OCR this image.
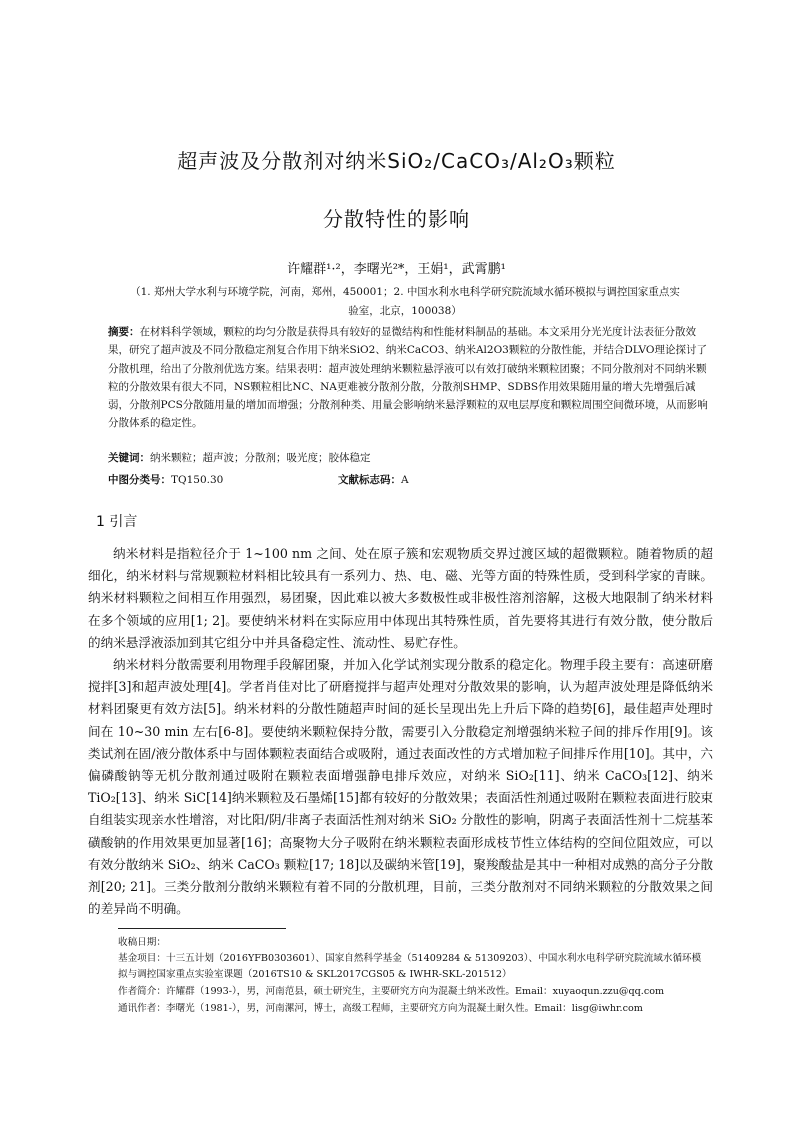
超声波及分散剂对纳米SiO₂/CaCO₃/Al₂O₃颗粒
分散特性的影响
许耀群¹·²，李曙光²*，王娟¹，武霄鹏¹
（1. 郑州大学水利与环境学院，河南，郑州，450001；2. 中国水利水电科学研究院流域水循环模拟与调控国家重点实
验室，北京，100038）
摘要：在材料科学领域，颗粒的均匀分散是获得具有较好的显微结构和性能材料制品的基础。本文采用分光光度计法表征分散效果，研究了超声波及不同分散稳定剂复合作用下纳米SiO2、纳米CaCO3、纳米Al2O3颗粒的分散性能，并结合DLVO理论探讨了分散机理，给出了分散剂优选方案。结果表明：超声波处理纳米颗粒悬浮液可以有效打破纳米颗粒团聚；不同分散剂对不同纳米颗粒的分散效果有很大不同，NS颗粒相比NC、NA更难被分散剂分散，分散剂SHMP、SDBS作用效果随用量的增大先增强后减弱，分散剂PCS分散随用量的增加而增强；分散剂种类、用量会影响纳米悬浮颗粒的双电层厚度和颗粒周围空间微环境，从而影响分散体系的稳定性。
关键词：纳米颗粒；超声波；分散剂；吸光度；胶体稳定
中图分类号：TQ150.30	文献标志码：A
1 引言

纳米材料是指粒径介于 1~100 nm 之间、处在原子簇和宏观物质交界过渡区域的超微颗粒。随着物质的超细化，纳米材料与常规颗粒材料相比较具有一系列力、热、电、磁、光等方面的特殊性质，受到科学家的青睐。纳米材料颗粒之间相互作用强烈，易团聚，因此难以被大多数极性或非极性溶剂溶解，这极大地限制了纳米材料在多个领域的应用[1; 2]。要使纳米材料在实际应用中体现出其特殊性质，首先要将其进行有效分散，使分散后的纳米悬浮液添加到其它组分中并具备稳定性、流动性、易贮存性。

纳米材料分散需要利用物理手段解团聚，并加入化学试剂实现分散系的稳定化。物理手段主要有：高速研磨搅拌[3]和超声波处理[4]。学者肖佳对比了研磨搅拌与超声处理对分散效果的影响，认为超声波处理是降低纳米材料团聚更有效方法[5]。纳米材料的分散性随超声时间的延长呈现出先上升后下降的趋势[6]，最佳超声处理时间在 10~30 min 左右[6-8]。要使纳米颗粒保持分散，需要引入分散稳定剂增强纳米粒子间的排斥作用[9]。该类试剂在固/液分散体系中与固体颗粒表面结合或吸附，通过表面改性的方式增加粒子间排斥作用[10]。其中，六偏磷酸钠等无机分散剂通过吸附在颗粒表面增强静电排斥效应，对纳米 SiO₂[11]、纳米 CaCO₃[12]、纳米 TiO₂[13]、纳米 SiC[14]纳米颗粒及石墨烯[15]都有较好的分散效果；表面活性剂通过吸附在颗粒表面进行胶束自组装实现亲水性增溶，对比阳/阴/非离子表面活性剂对纳米 SiO₂ 分散性的影响，阴离子表面活性剂十二烷基苯磺酸钠的作用效果更加显著[16]；高聚物大分子吸附在纳米颗粒表面形成枝节性立体结构的空间位阻效应，可以有效分散纳米 SiO₂、纳米 CaCO₃ 颗粒[17; 18]以及碳纳米管[19]，聚羧酸盐是其中一种相对成熟的高分子分散剂[20; 21]。三类分散剂分散纳米颗粒有着不同的分散机理，目前，三类分散剂对不同纳米颗粒的分散效果之间的差异尚不明确。

收稿日期：
基金项目：十三五计划（2016YFB0303601）、国家自然科学基金（51409284 & 51309203）、中国水利水电科学研究院流域水循环模拟与调控国家重点实验室课题（2016TS10 & SKL2017CGS05 & IWHR-SKL-201512）
作者简介：许耀群（1993-），男，河南范县，硕士研究生，主要研究方向为混凝土纳米改性。Email：xuyaoqun.zzu@qq.com
通讯作者：李曙光（1981-），男，河南漯河，博士，高级工程师，主要研究方向为混凝土耐久性。Email：lisg@iwhr.com
